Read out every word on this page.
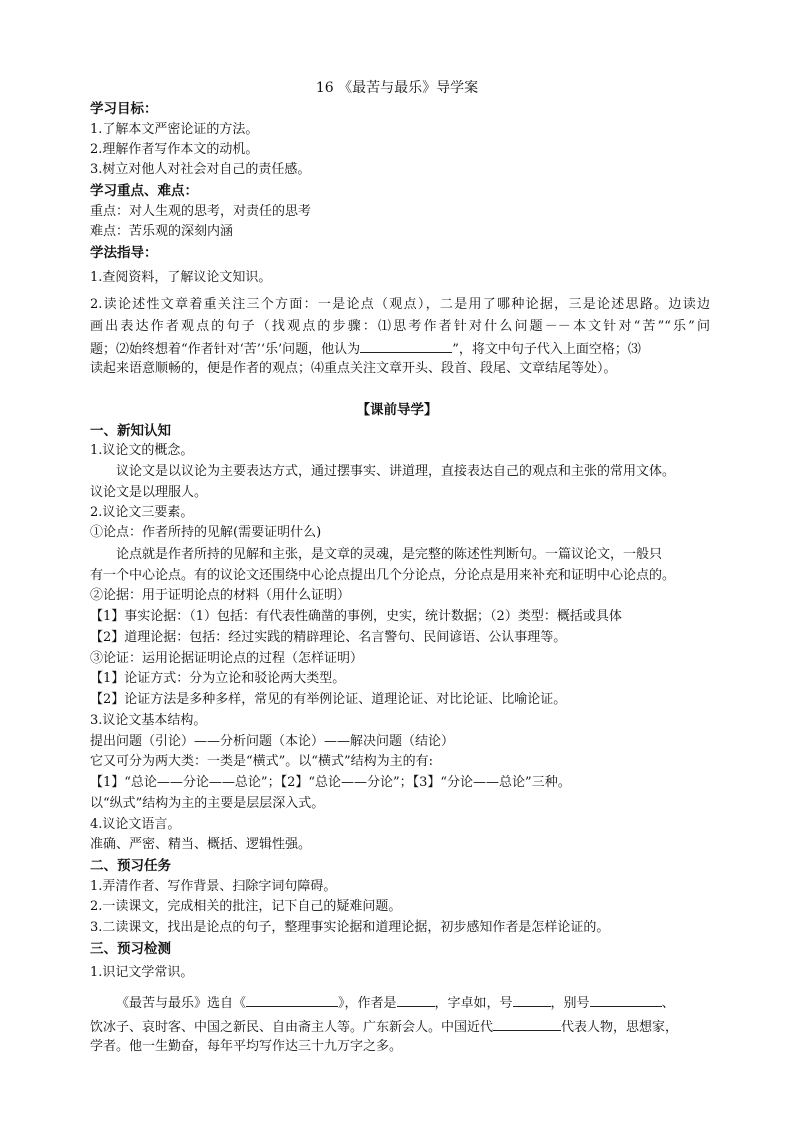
16 《最苦与最乐》导学案
学习目标：
1.了解本文严密论证的方法。
2.理解作者写作本文的动机。
3.树立对他人对社会对自己的责任感。
学习重点、难点：
重点：对人生观的思考，对责任的思考
难点：苦乐观的深刻内涵
学法指导：
1.查阅资料，了解议论文知识。
2.读论述性文章着重关注三个方面：一是论点（观点），二是用了哪种论据，三是论述思路。边读边
画出表达作者观点的句子（找观点的步骤：⑴思考作者针对什么问题－－本文针对“苦”“乐”问
题；⑵始终想着“作者针对‘苦’‘乐’问题，他认为	”，将文中句子代入上面空格；⑶
读起来语意顺畅的，便是作者的观点；⑷重点关注文章开头、段首、段尾、文章结尾等处）。
【课前导学】
一、新知认知
1.议论文的概念。
议论文是以议论为主要表达方式，通过摆事实、讲道理，直接表达自己的观点和主张的常用文体。
议论文是以理服人。
2.议论文三要素。
①论点：作者所持的见解(需要证明什么)
论点就是作者所持的见解和主张，是文章的灵魂，是完整的陈述性判断句。一篇议论文，一般只
有一个中心论点。有的议论文还围绕中心论点提出几个分论点，分论点是用来补充和证明中心论点的。
②论据：用于证明论点的材料（用什么证明）
【1】事实论据：（1）包括：有代表性确凿的事例，史实，统计数据；（2）类型：概括或具体
【2】道理论据：包括：经过实践的精辟理论、名言警句、民间谚语、公认事理等。
③论证：运用论据证明论点的过程（怎样证明）
【1】论证方式：分为立论和驳论两大类型。
【2】论证方法是多种多样，常见的有举例论证、道理论证、对比论证、比喻论证。
3.议论文基本结构。
提出问题（引论）——分析问题（本论）——解决问题（结论）
它又可分为两大类：一类是“横式”。以“横式”结构为主的有:
【1】“总论——分论——总论”；【2】“总论——分论”；【3】“分论——总论”三种。
以“纵式”结构为主的主要是层层深入式。
4.议论文语言。
准确、严密、精当、概括、逻辑性强。
二、预习任务
1.弄清作者、写作背景、扫除字词句障碍。
2.一读课文，完成相关的批注，记下自己的疑难问题。
3.二读课文，找出是论点的句子，整理事实论据和道理论据，初步感知作者是怎样论证的。
三、预习检测
1.识记文学常识。
《最苦与最乐》选自《	》，作者是	，字卓如，号	，别号	、
饮冰子、哀时客、中国之新民、自由斋主人等。广东新会人。中国近代	代表人物，思想家，
学者。他一生勤奋，每年平均写作达三十九万字之多。
